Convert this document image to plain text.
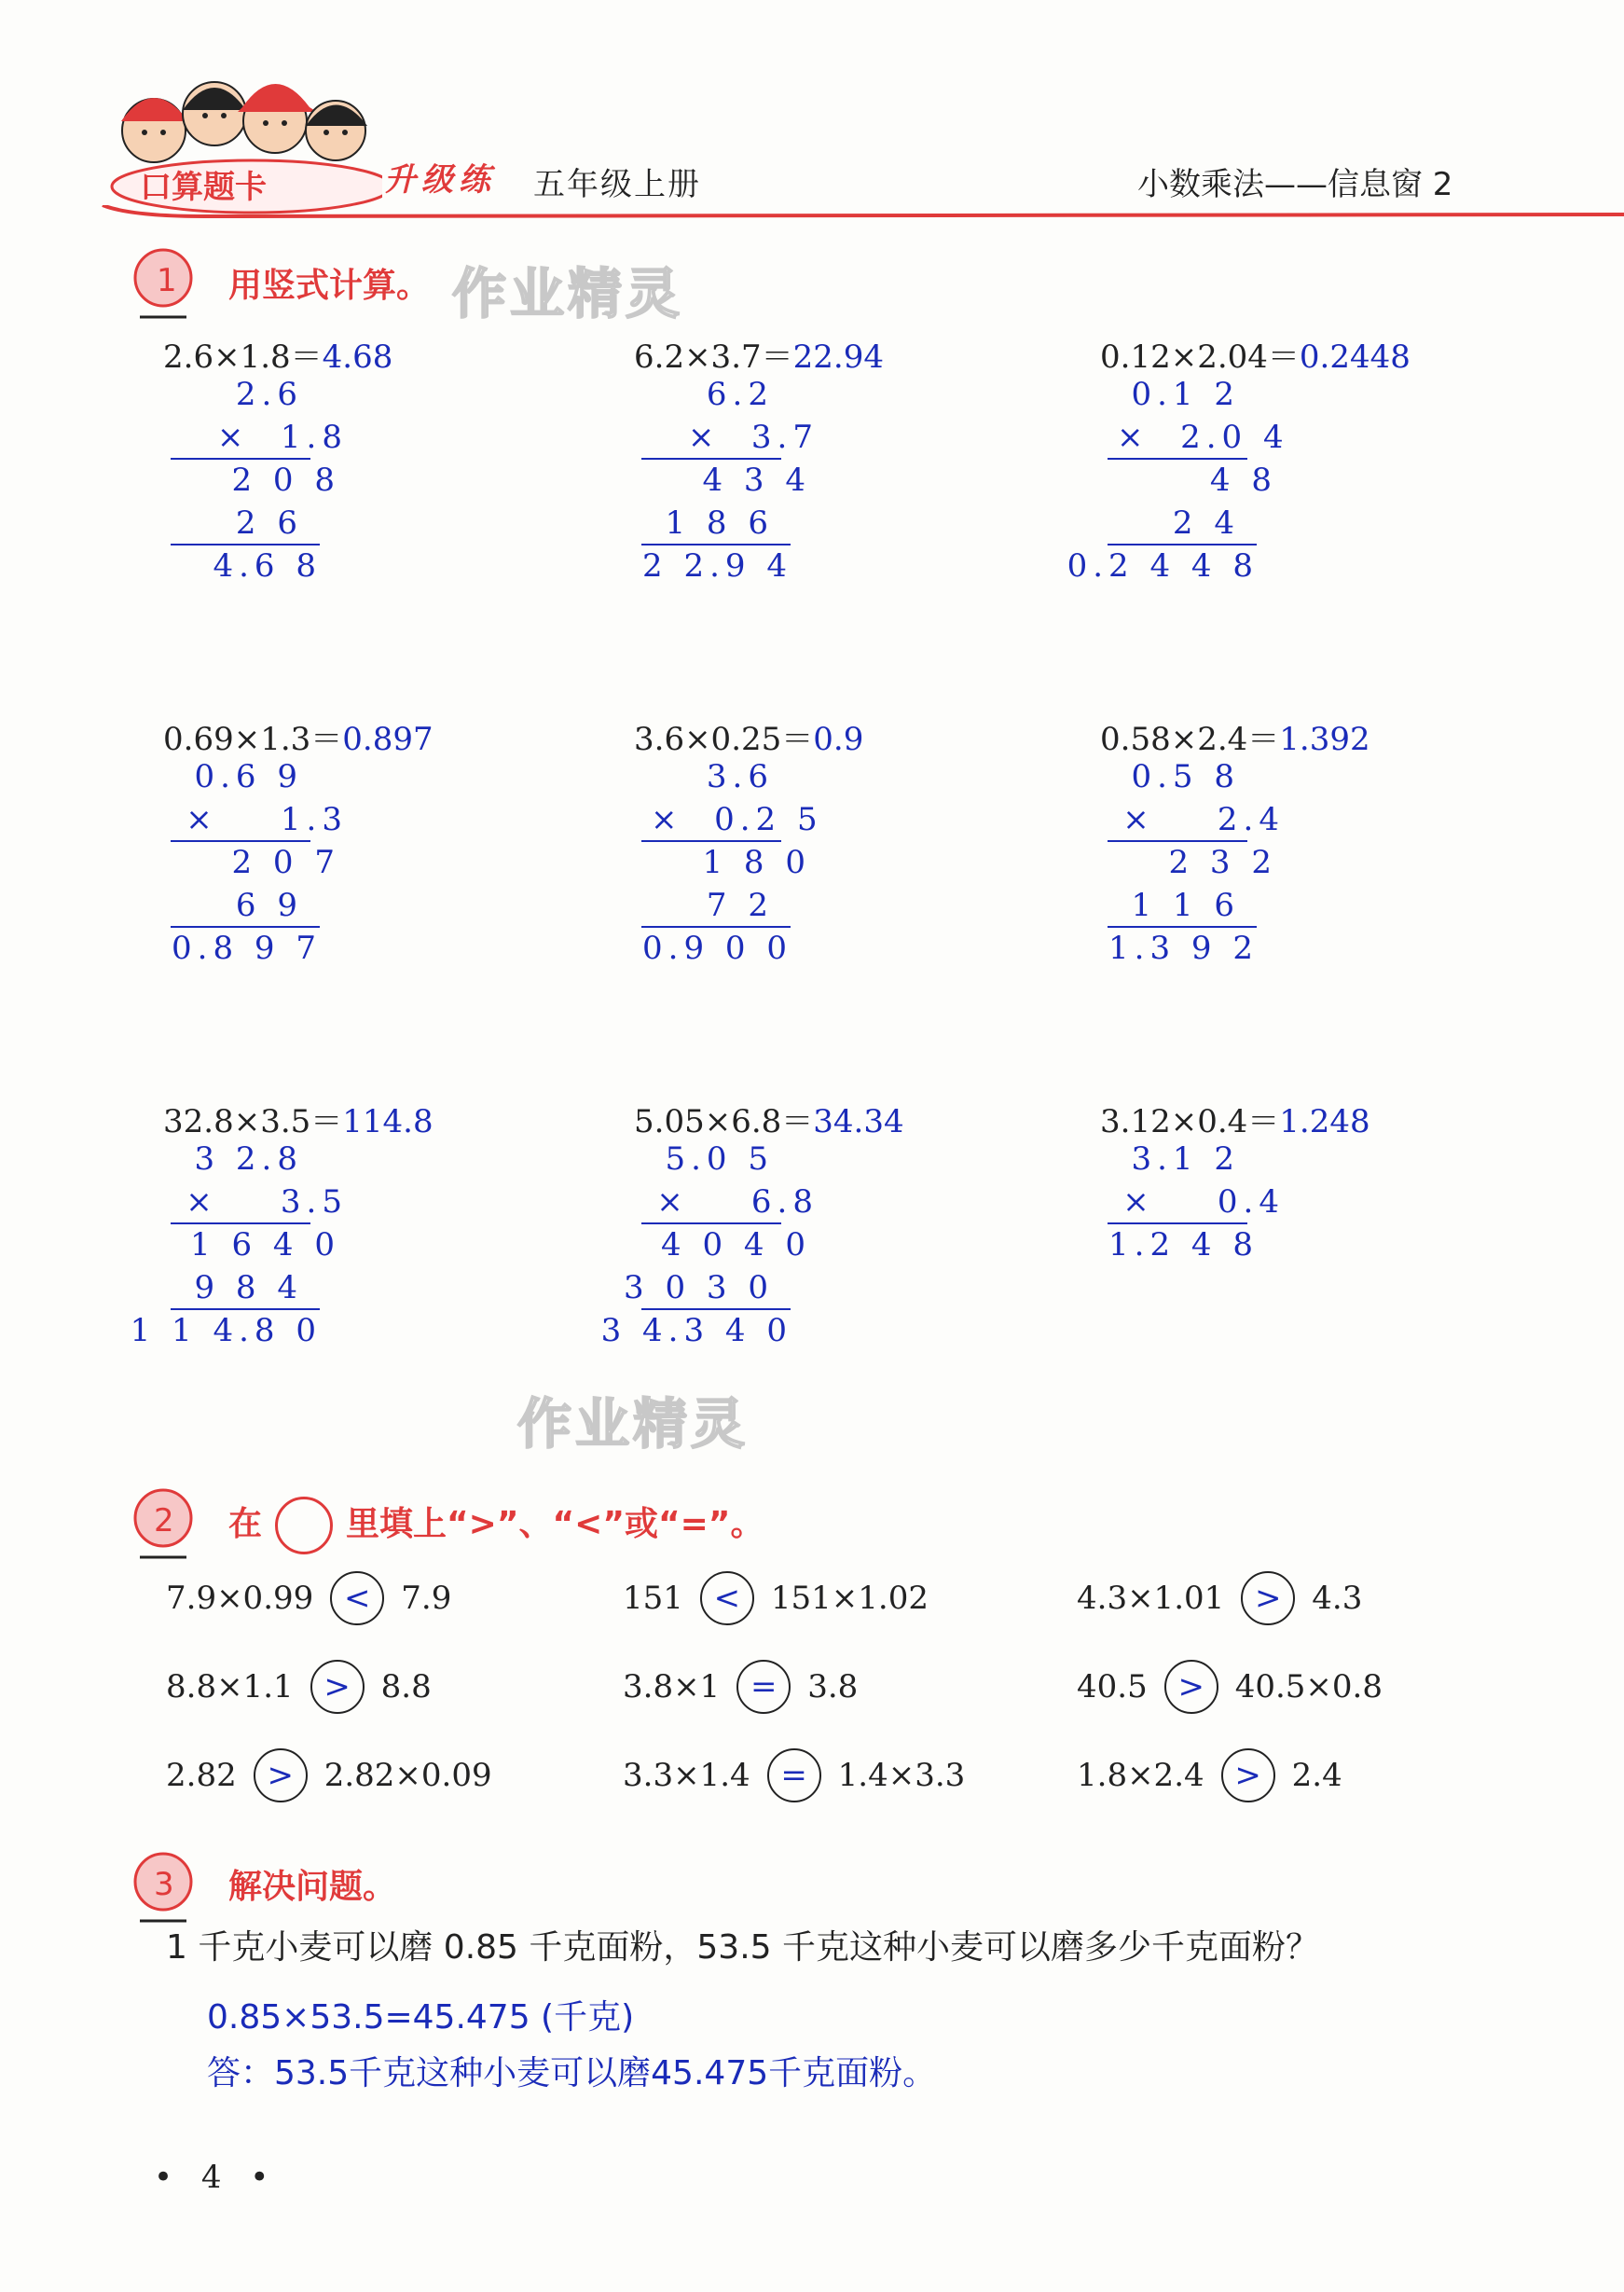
口算题卡	升级练 五年级上册	小数乘法——信息窗 2
1 用竖式计算。 作业精灵
2.6×1.8＝4.68
2.6
×  1.8
2 0 8
2 6
4.6 8
6.2×3.7＝22.94
6.2
×  3.7
4 3 4
1 8 6
2 2.9 4
0.12×2.04＝0.2448
0.1 2
×  2.0 4
4 8
2 4
0.2 4 4 8
0.69×1.3＝0.897
0.6 9
×    1.3
2 0 7
6 9
0.8 9 7
3.6×0.25＝0.9
3.6
×  0.2 5
1 8 0
7 2
0.9 0 0
0.58×2.4＝1.392
0.5 8
×    2.4
2 3 2
1 1 6
1.3 9 2
32.8×3.5＝114.8
3 2.8
×    3.5
1 6 4 0
9 8 4
1 1 4.8 0
5.05×6.8＝34.34
5.0 5
×    6.8
4 0 4 0
3 0 3 0
3 4.3 4 0
3.12×0.4＝1.248
3.1 2
×    0.4
1.2 4 8
作业精灵
2 在	里填上“>”、“<”或“=”。
7.9×0.99 < 7.9	151 < 151×1.02	4.3×1.01 > 4.3
8.8×1.1 > 8.8	3.8×1 = 3.8	40.5 > 40.5×0.8
2.82 > 2.82×0.09	3.3×1.4 = 1.4×3.3	1.8×2.4 > 2.4
3 解决问题。
1 千克小麦可以磨 0.85 千克面粉，53.5 千克这种小麦可以磨多少千克面粉？
0.85×53.5=45.475 (千克)
答：53.5千克这种小麦可以磨45.475千克面粉。
• 4 •
